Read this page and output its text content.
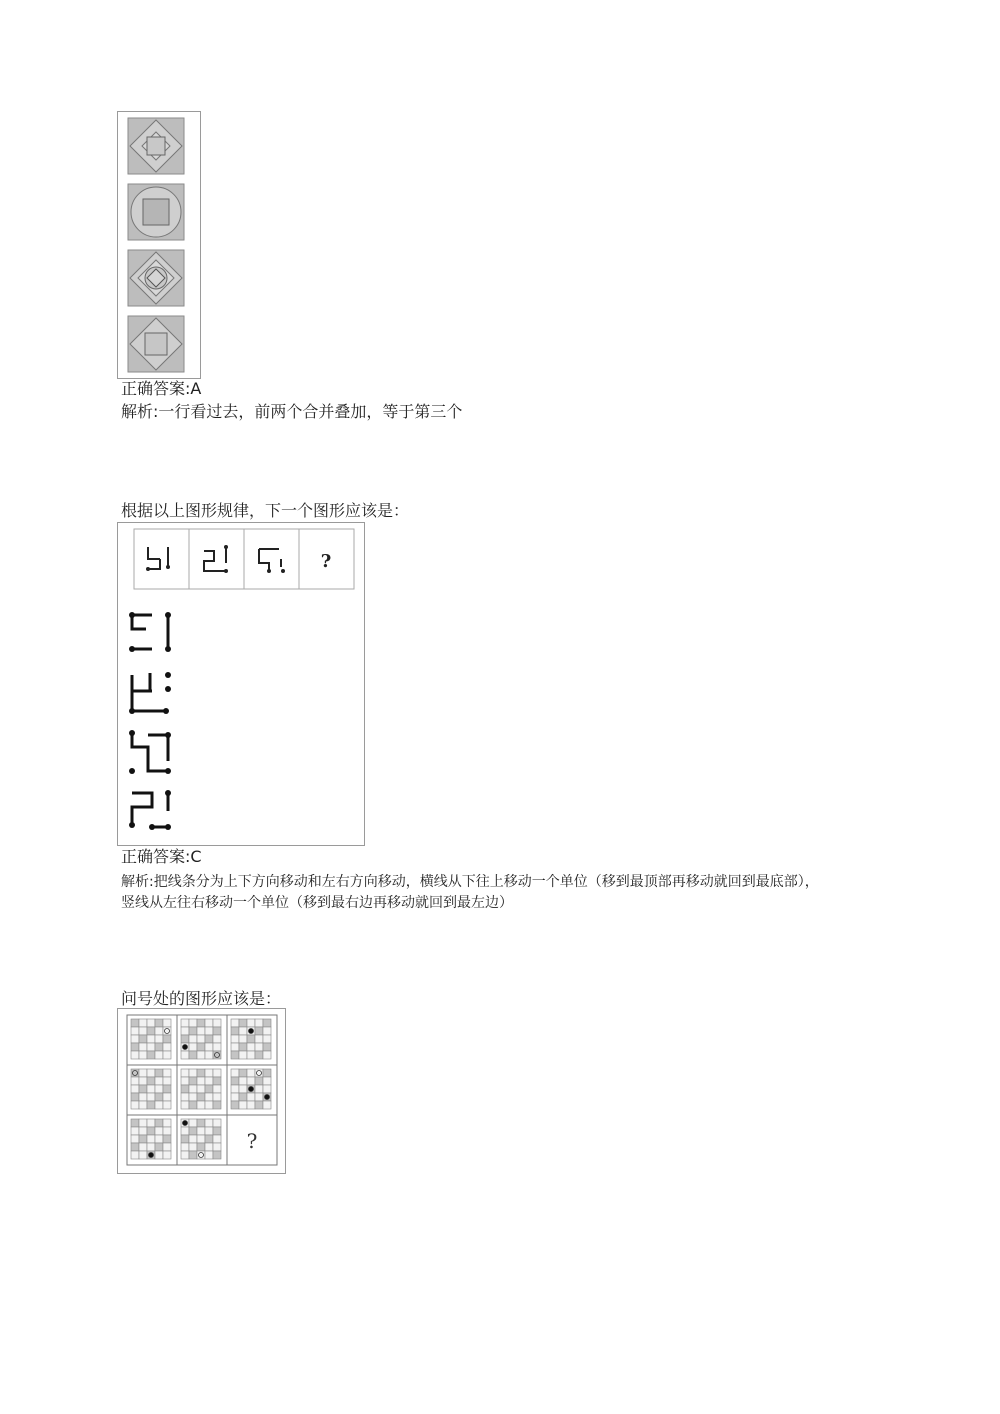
正确答案:A
解析:一行看过去，前两个合并叠加，等于第三个
根据以上图形规律，下一个图形应该是：
?
正确答案:C
解析:把线条分为上下方向移动和左右方向移动，横线从下往上移动一个单位（移到最顶部再移动就回到最底部），
竖线从左往右移动一个单位（移到最右边再移动就回到最左边）
问号处的图形应该是：
?
